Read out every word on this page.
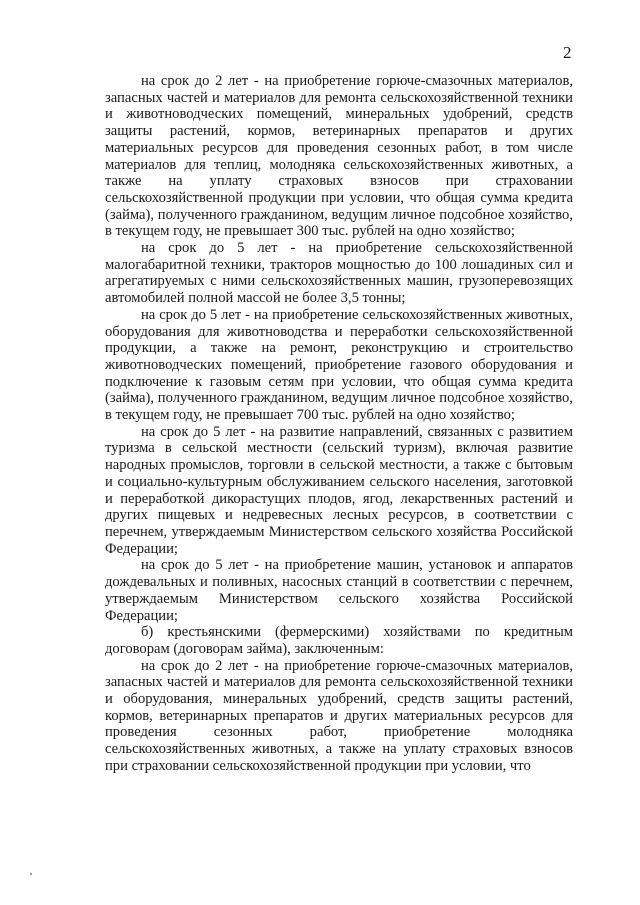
2

на срок до 2 лет - на приобретение горюче-смазочных материалов, запасных частей и материалов для ремонта сельскохозяйственной техники и животноводческих помещений, минеральных удобрений, средств защиты растений, кормов, ветеринарных препаратов и других материальных ресурсов для проведения сезонных работ, в том числе материалов для теплиц, молодняка сельскохозяйственных животных, а также на уплату страховых взносов при страховании сельскохозяйственной продукции при условии, что общая сумма кредита (займа), полученного гражданином, ведущим личное подсобное хозяйство, в текущем году, не превышает 300 тыс. рублей на одно хозяйство;

на срок до 5 лет - на приобретение сельскохозяйственной малогабаритной техники, тракторов мощностью до 100 лошадиных сил и агрегатируемых с ними сельскохозяйственных машин, грузоперевозящих автомобилей полной массой не более 3,5 тонны;

на срок до 5 лет - на приобретение сельскохозяйственных животных, оборудования для животноводства и переработки сельскохозяйственной продукции, а также на ремонт, реконструкцию и строительство животноводческих помещений, приобретение газового оборудования и подключение к газовым сетям при условии, что общая сумма кредита (займа), полученного гражданином, ведущим личное подсобное хозяйство, в текущем году, не превышает 700 тыс. рублей на одно хозяйство;

на срок до 5 лет - на развитие направлений, связанных с развитием туризма в сельской местности (сельский туризм), включая развитие народных промыслов, торговли в сельской местности, а также с бытовым и социально-культурным обслуживанием сельского населения, заготовкой и переработкой дикорастущих плодов, ягод, лекарственных растений и других пищевых и недревесных лесных ресурсов, в соответствии с перечнем, утверждаемым Министерством сельского хозяйства Российской Федерации;

на срок до 5 лет - на приобретение машин, установок и аппаратов дождевальных и поливных, насосных станций в соответствии с перечнем, утверждаемым Министерством сельского хозяйства Российской Федерации;

б) крестьянскими (фермерскими) хозяйствами по кредитным договорам (договорам займа), заключенным:

на срок до 2 лет - на приобретение горюче-смазочных материалов, запасных частей и материалов для ремонта сельскохозяйственной техники и оборудования, минеральных удобрений, средств защиты растений, кормов, ветеринарных препаратов и других материальных ресурсов для проведения сезонных работ, приобретение молодняка сельскохозяйственных животных, а также на уплату страховых взносов при страховании сельскохозяйственной продукции при условии, что
